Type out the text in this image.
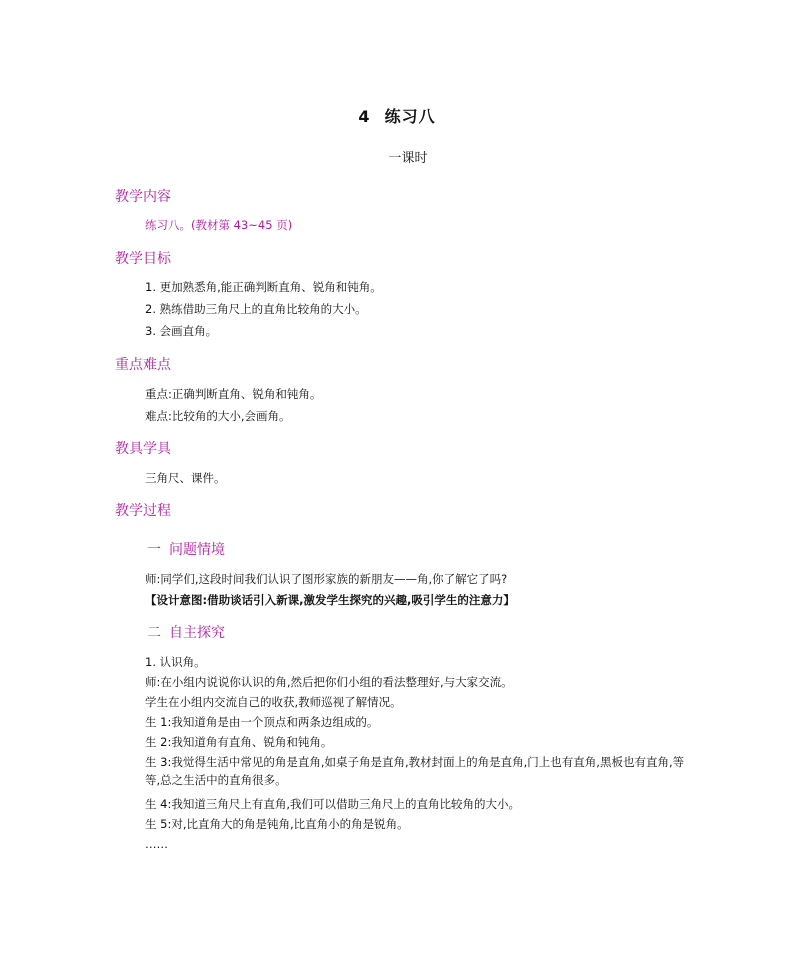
4 练习八
一课时
教学内容
练习八。(教材第 43~45 页)
教学目标
1. 更加熟悉角,能正确判断直角、锐角和钝角。
2. 熟练借助三角尺上的直角比较角的大小。
3. 会画直角。
重点难点
重点:正确判断直角、锐角和钝角。
难点:比较角的大小,会画角。
教具学具
三角尺、课件。
教学过程
一 问题情境
师:同学们,这段时间我们认识了图形家族的新朋友——角,你了解它了吗?
【设计意图:借助谈话引入新课,激发学生探究的兴趣,吸引学生的注意力】
二 自主探究
1. 认识角。
师:在小组内说说你认识的角,然后把你们小组的看法整理好,与大家交流。
学生在小组内交流自己的收获,教师巡视了解情况。
生 1:我知道角是由一个顶点和两条边组成的。
生 2:我知道角有直角、锐角和钝角。
生 3:我觉得生活中常见的角是直角,如桌子角是直角,教材封面上的角是直角,门上也有直角,黑板也有直角,等等,总之生活中的直角很多。
生 4:我知道三角尺上有直角,我们可以借助三角尺上的直角比较角的大小。
生 5:对,比直角大的角是钝角,比直角小的角是锐角。
……
